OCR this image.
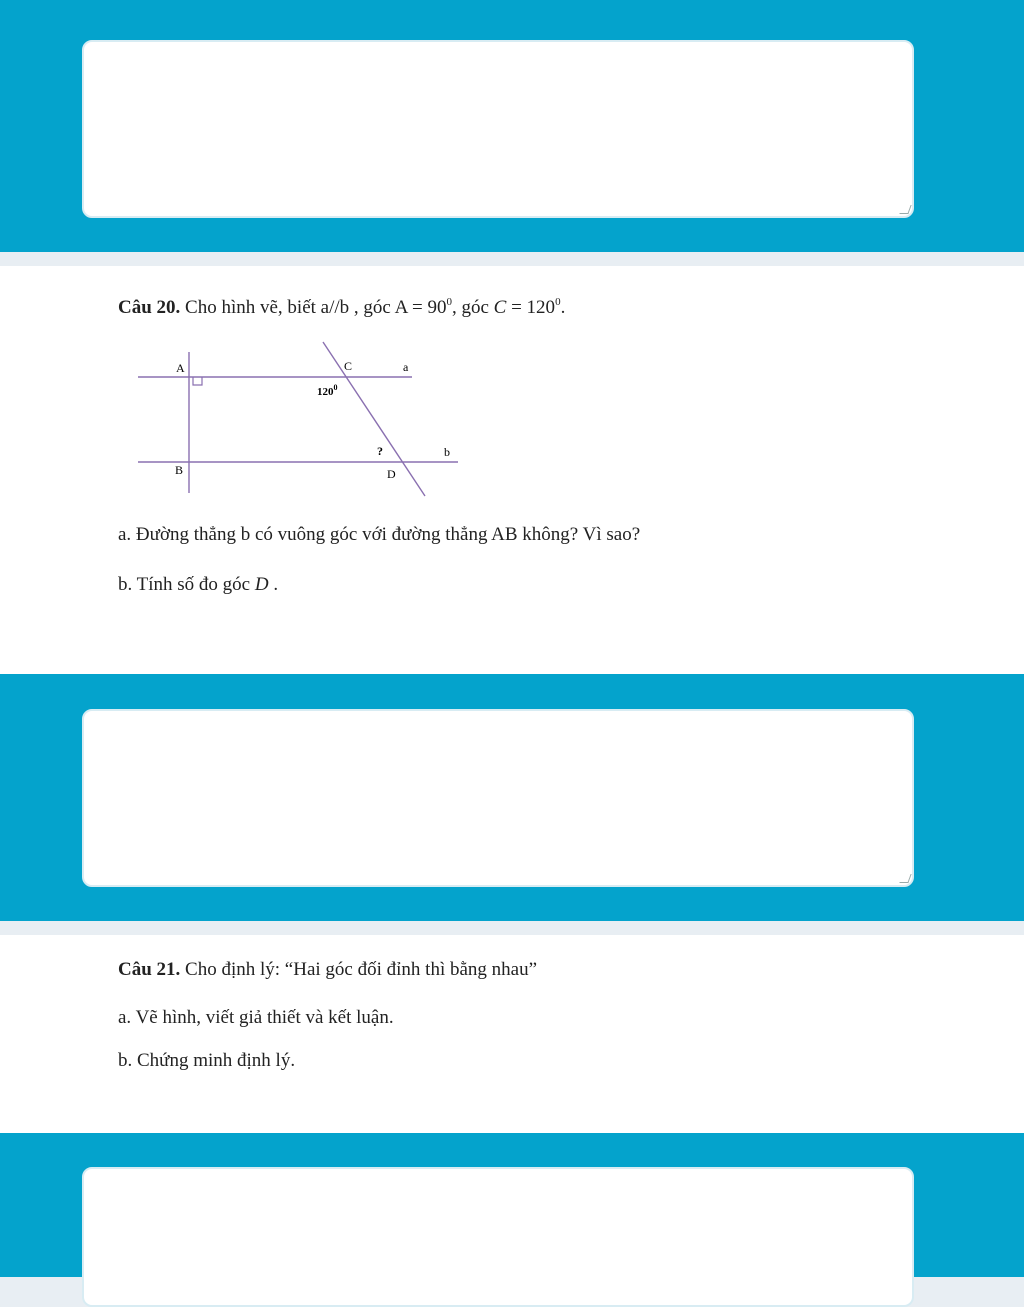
Câu 20. Cho hình vẽ, biết a//b , góc $A = 90^0$, góc $C = 120^0$.
A
B
C
D
a
b
$120^0$
?
a. Đường thẳng b có vuông góc với đường thẳng AB không? Vì sao?
b. Tính số đo góc D .
Câu 21. Cho định lý: “Hai góc đối đỉnh thì bằng nhau”
a. Vẽ hình, viết giả thiết và kết luận.
b. Chứng minh định lý.
